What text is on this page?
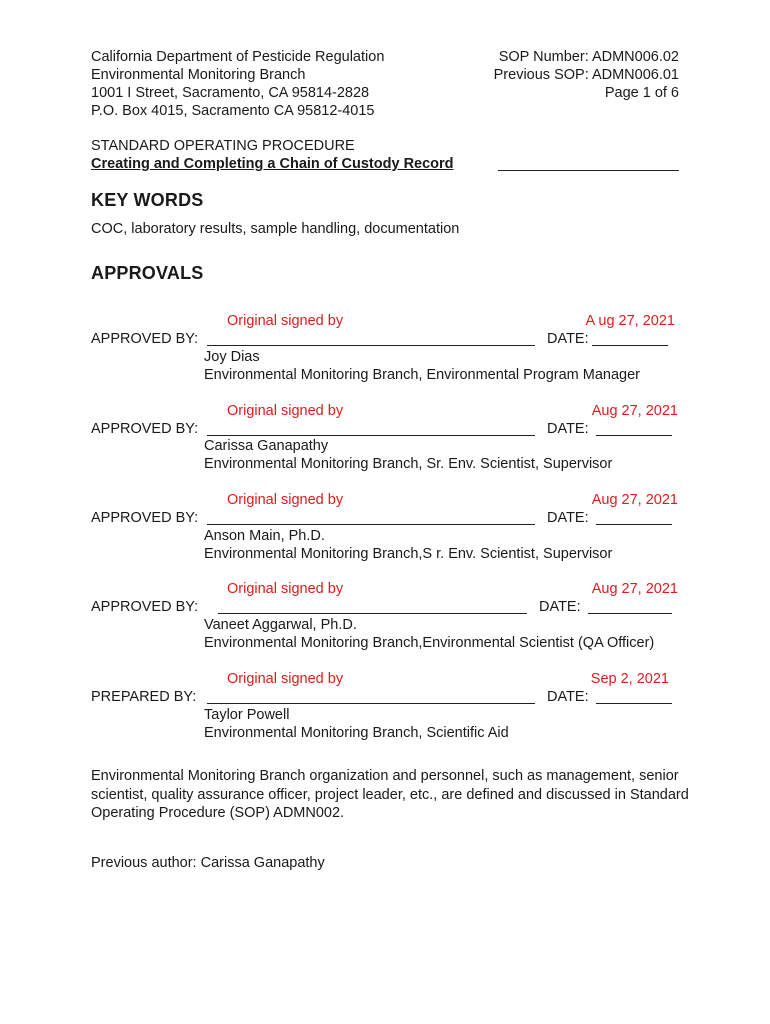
California Department of Pesticide Regulation
Environmental Monitoring Branch
1001 I Street, Sacramento, CA 95814-2828
P.O. Box 4015, Sacramento CA 95812-4015
SOP Number: ADMN006.02
Previous SOP: ADMN006.01
Page 1 of 6
STANDARD OPERATING PROCEDURE
Creating and Completing a Chain of Custody Record
KEY WORDS
COC, laboratory results, sample handling, documentation
APPROVALS
Original signed by	A ug 27, 2021
APPROVED BY:	DATE:
Joy Dias
Environmental Monitoring Branch, Environmental Program Manager
Original signed by	Aug 27, 2021
APPROVED BY:	DATE:
Carissa Ganapathy
Environmental Monitoring Branch, Sr. Env. Scientist, Supervisor
Original signed by	Aug 27, 2021
APPROVED BY:	DATE:
Anson Main, Ph.D.
Environmental Monitoring Branch,S r. Env. Scientist, Supervisor
Original signed by	Aug 27, 2021
APPROVED BY:	DATE:
Vaneet Aggarwal, Ph.D.
Environmental Monitoring Branch,Environmental Scientist (QA Officer)
Original signed by	Sep 2, 2021
PREPARED BY:	DATE:
Taylor Powell
Environmental Monitoring Branch, Scientific Aid
Environmental Monitoring Branch organization and personnel, such as management, senior scientist, quality assurance officer, project leader, etc., are defined and discussed in Standard Operating Procedure (SOP) ADMN002.
Previous author: Carissa Ganapathy
